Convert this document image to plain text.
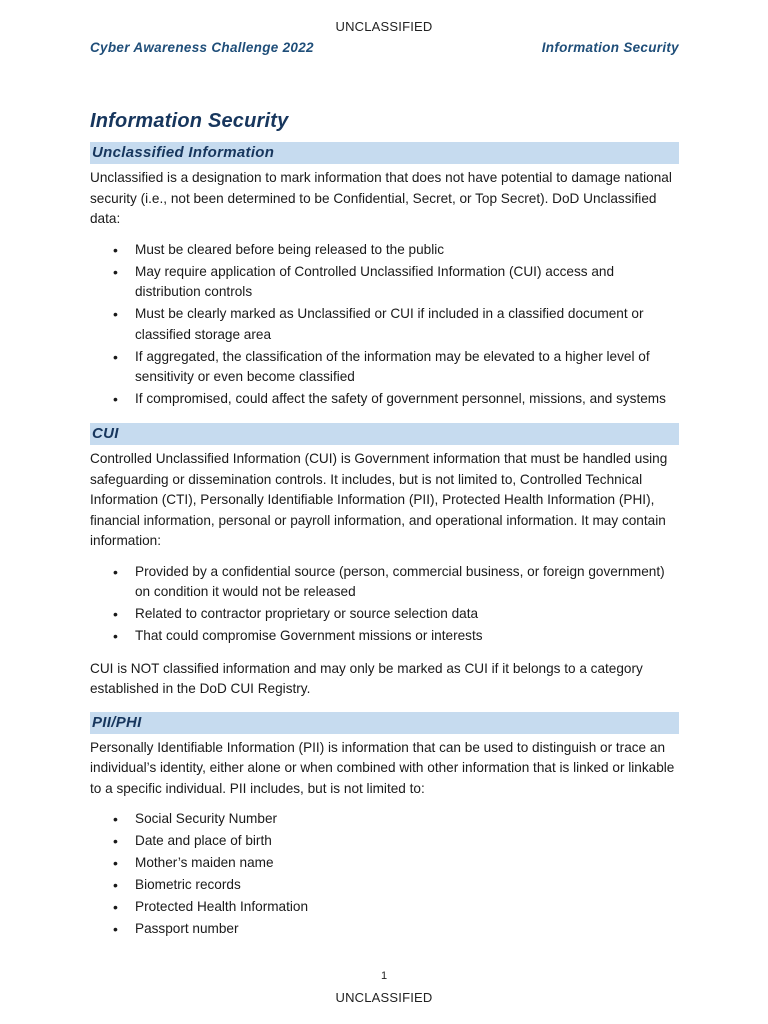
UNCLASSIFIED
Cyber Awareness Challenge 2022	Information Security
Information Security
Unclassified Information

Unclassified is a designation to mark information that does not have potential to damage national security (i.e., not been determined to be Confidential, Secret, or Top Secret). DoD Unclassified data:

• Must be cleared before being released to the public
• May require application of Controlled Unclassified Information (CUI) access and distribution controls
• Must be clearly marked as Unclassified or CUI if included in a classified document or classified storage area
• If aggregated, the classification of the information may be elevated to a higher level of sensitivity or even become classified
• If compromised, could affect the safety of government personnel, missions, and systems
CUI

Controlled Unclassified Information (CUI) is Government information that must be handled using safeguarding or dissemination controls. It includes, but is not limited to, Controlled Technical Information (CTI), Personally Identifiable Information (PII), Protected Health Information (PHI), financial information, personal or payroll information, and operational information. It may contain information:

• Provided by a confidential source (person, commercial business, or foreign government) on condition it would not be released
• Related to contractor proprietary or source selection data
• That could compromise Government missions or interests

CUI is NOT classified information and may only be marked as CUI if it belongs to a category established in the DoD CUI Registry.

PII/PHI

Personally Identifiable Information (PII) is information that can be used to distinguish or trace an individual’s identity, either alone or when combined with other information that is linked or linkable to a specific individual. PII includes, but is not limited to:

• Social Security Number
• Date and place of birth
• Mother’s maiden name
• Biometric records
• Protected Health Information
• Passport number
1
UNCLASSIFIED
